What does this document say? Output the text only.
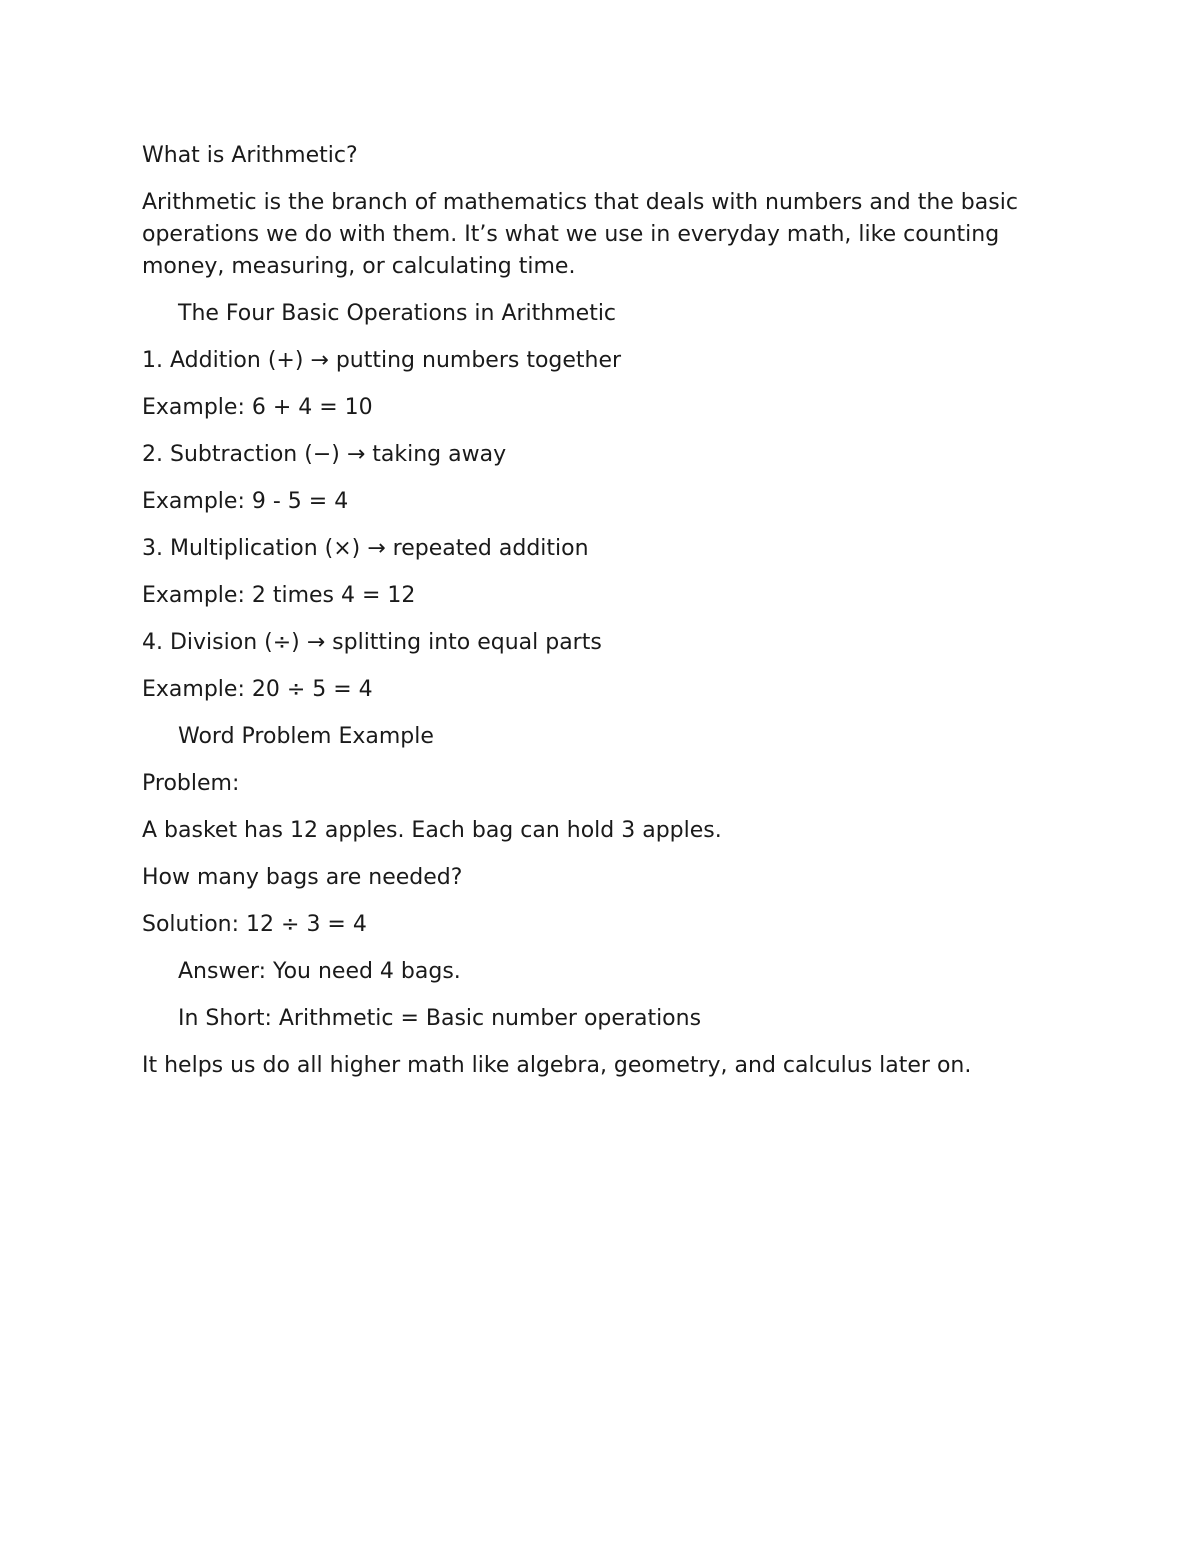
What is Arithmetic?

Arithmetic is the branch of mathematics that deals with numbers and the basic operations we do with them. It’s what we use in everyday math, like counting money, measuring, or calculating time.

The Four Basic Operations in Arithmetic

1. Addition (+) → putting numbers together

Example: 6 + 4 = 10

2. Subtraction (−) → taking away

Example: 9 - 5 = 4

3. Multiplication (×) → repeated addition

Example: 2 times 4 = 12

4. Division (÷) → splitting into equal parts

Example: 20 ÷ 5 = 4

Word Problem Example

Problem:

A basket has 12 apples. Each bag can hold 3 apples.

How many bags are needed?

Solution: 12 ÷ 3 = 4

Answer: You need 4 bags.

In Short: Arithmetic = Basic number operations

It helps us do all higher math like algebra, geometry, and calculus later on.
